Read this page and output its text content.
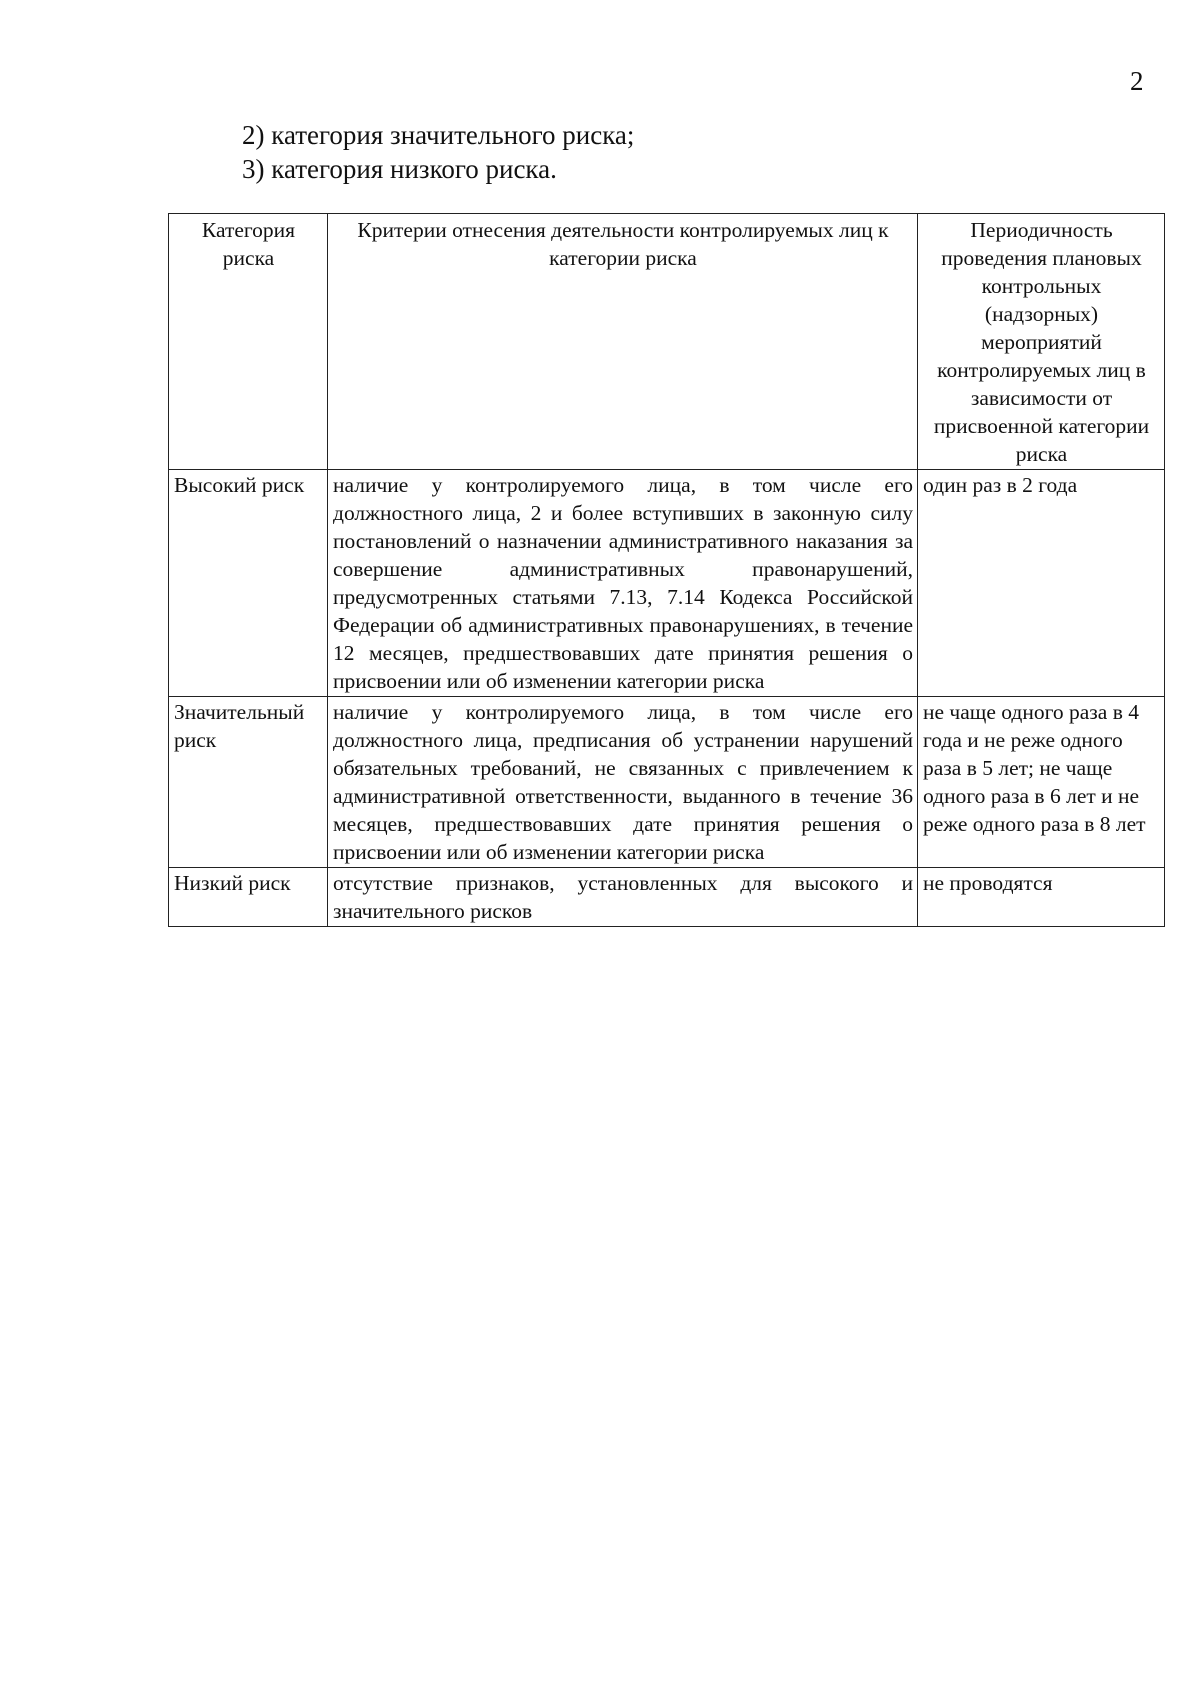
2
2) категория значительного риска;
3) категория низкого риска.
Категория риска	Критерии отнесения деятельности контролируемых лиц к категории риска	Периодичность проведения плановых контрольных (надзорных) мероприятий контролируемых лиц в зависимости от присвоенной категории риска
Высокий риск	наличие у контролируемого лица, в том числе его должностного лица, 2 и более вступивших в законную силу постановлений о назначении административного наказания за совершение административных правонарушений, предусмотренных статьями 7.13, 7.14 Кодекса Российской Федерации об административных правонарушениях, в течение 12 месяцев, предшествовавших дате принятия решения о присвоении или об изменении категории риска	один раз в 2 года
Значительный риск	наличие у контролируемого лица, в том числе его должностного лица, предписания об устранении нарушений обязательных требований, не связанных с привлечением к административной ответственности, выданного в течение 36 месяцев, предшествовавших дате принятия решения о присвоении или об изменении категории риска	не чаще одного раза в 4 года и не реже одного раза в 5 лет; не чаще одного раза в 6 лет и не реже одного раза в 8 лет
Низкий риск	отсутствие признаков, установленных для высокого и значительного рисков	не проводятся
